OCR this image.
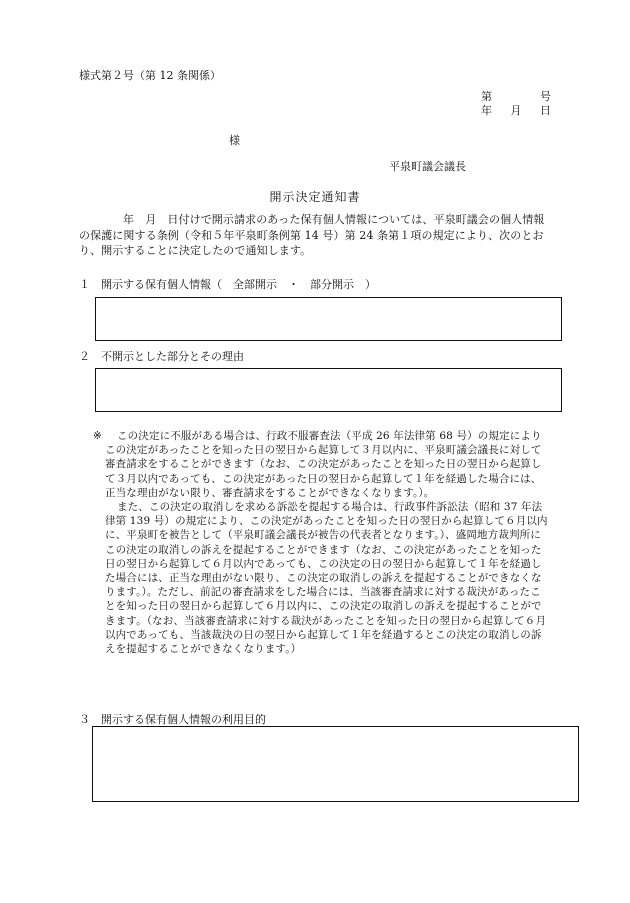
様式第２号（第 12 条関係）
第	号
年 月 日
様
平泉町議会議長
開示決定通知書
年　月　日付けで開示請求のあった保有個人情報については、平泉町議会の個人情報の保護に関する条例（令和５年平泉町条例第 14 号）第 24 条第１項の規定により、次のとおり、開示することに決定したので通知します。
１　開示する保有個人情報（　全部開示　・　部分開示　）
２　不開示とした部分とその理由
※	この決定に不服がある場合は、行政不服審査法（平成 26 年法律第 68 号）の規定によりこの決定があったことを知った日の翌日から起算して３月以内に、平泉町議会議長に対して審査請求をすることができます（なお、この決定があったことを知った日の翌日から起算して３月以内であっても、この決定があった日の翌日から起算して１年を経過した場合には、正当な理由がない限り、審査請求をすることができなくなります。）。

また、この決定の取消しを求める訴訟を提起する場合は、行政事件訴訟法（昭和 37 年法律第 139 号）の規定により、この決定があったことを知った日の翌日から起算して６月以内に、平泉町を被告として（平泉町議会議長が被告の代表者となります。）、盛岡地方裁判所にこの決定の取消しの訴えを提起することができます（なお、この決定があったことを知った日の翌日から起算して６月以内であっても、この決定の日の翌日から起算して１年を経過した場合には、正当な理由がない限り、この決定の取消しの訴えを提起することができなくなります。）。ただし、前記の審査請求をした場合には、当該審査請求に対する裁決があったことを知った日の翌日から起算して６月以内に、この決定の取消しの訴えを提起することができます。（なお、当該審査請求に対する裁決があったことを知った日の翌日から起算して６月以内であっても、当該裁決の日の翌日から起算して１年を経過するとこの決定の取消しの訴えを提起することができなくなります。）

３　開示する保有個人情報の利用目的
